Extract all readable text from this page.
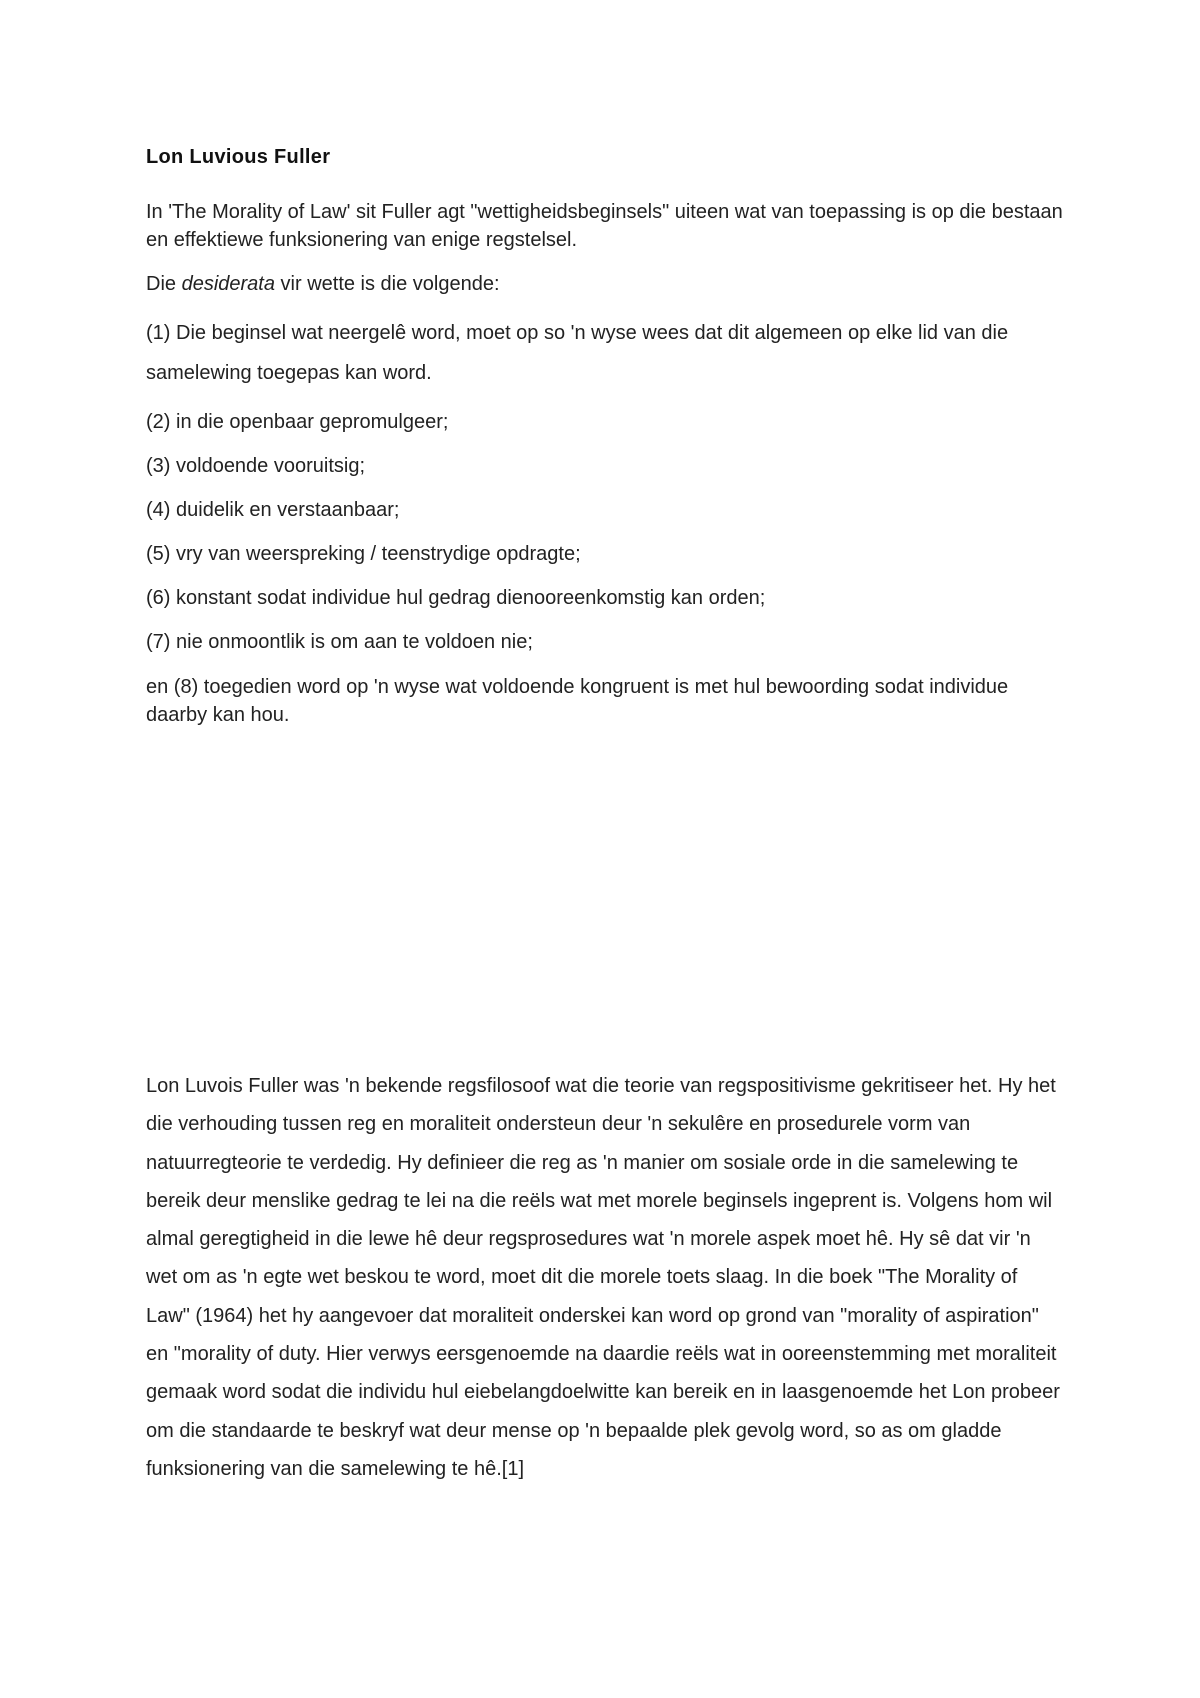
Lon Luvious Fuller

In 'The Morality of Law' sit Fuller agt "wettigheidsbeginsels" uiteen wat van toepassing is op die bestaan en effektiewe funksionering van enige regstelsel.

Die desiderata vir wette is die volgende:

(1) Die beginsel wat neergelê word, moet op so 'n wyse wees dat dit algemeen op elke lid van die samelewing toegepas kan word.

(2) in die openbaar gepromulgeer;

(3) voldoende vooruitsig;

(4) duidelik en verstaanbaar;

(5) vry van weerspreking / teenstrydige opdragte;

(6) konstant sodat individue hul gedrag dienooreenkomstig kan orden;

(7) nie onmoontlik is om aan te voldoen nie;

en (8) toegedien word op 'n wyse wat voldoende kongruent is met hul bewoording sodat individue daarby kan hou.

Lon Luvois Fuller was 'n bekende regsfilosoof wat die teorie van regspositivisme gekritiseer het. Hy het die verhouding tussen reg en moraliteit ondersteun deur 'n sekulêre en prosedurele vorm van natuurregteorie te verdedig. Hy definieer die reg as 'n manier om sosiale orde in die samelewing te bereik deur menslike gedrag te lei na die reëls wat met morele beginsels ingeprent is. Volgens hom wil almal geregtigheid in die lewe hê deur regsprosedures wat 'n morele aspek moet hê. Hy sê dat vir 'n wet om as 'n egte wet beskou te word, moet dit die morele toets slaag. In die boek "The Morality of Law" (1964) het hy aangevoer dat moraliteit onderskei kan word op grond van "morality of aspiration" en "morality of duty. Hier verwys eersgenoemde na daardie reëls wat in ooreenstemming met moraliteit gemaak word sodat die individu hul eiebelangdoelwitte kan bereik en in laasgenoemde het Lon probeer om die standaarde te beskryf wat deur mense op 'n bepaalde plek gevolg word, so as om gladde funksionering van die samelewing te hê.[1]
